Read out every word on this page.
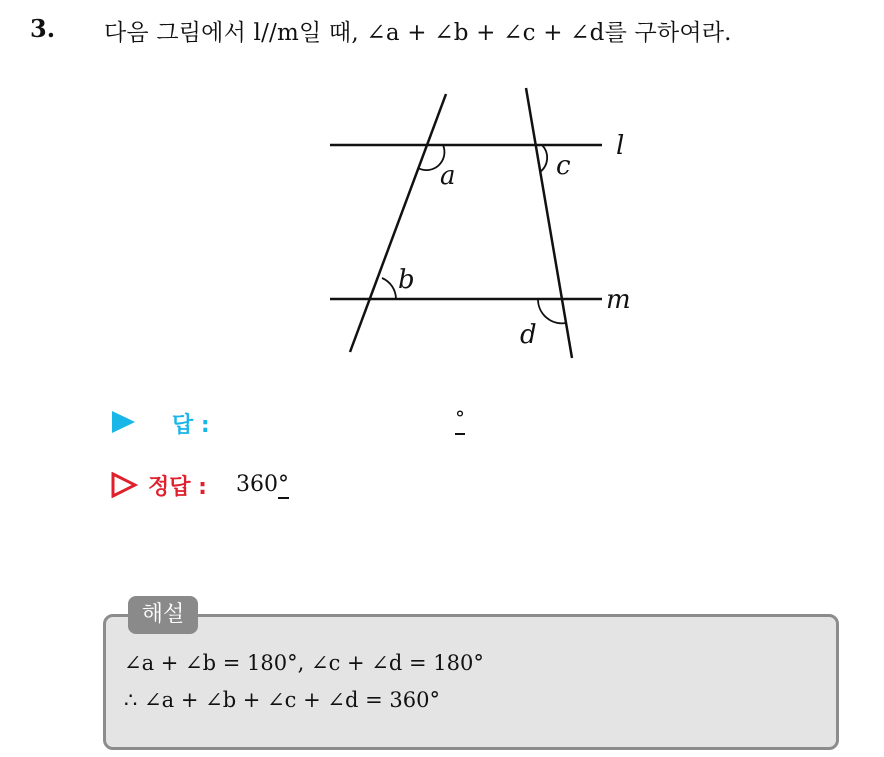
3. 다음 그림에서 l//m일 때, ∠a + ∠b + ∠c + ∠d를 구하여라.
a
b
c
d
l
m
답 :	°
정답 : 360°
해설
∠a + ∠b = 180°, ∠c + ∠d = 180°
∴ ∠a + ∠b + ∠c + ∠d = 360°
